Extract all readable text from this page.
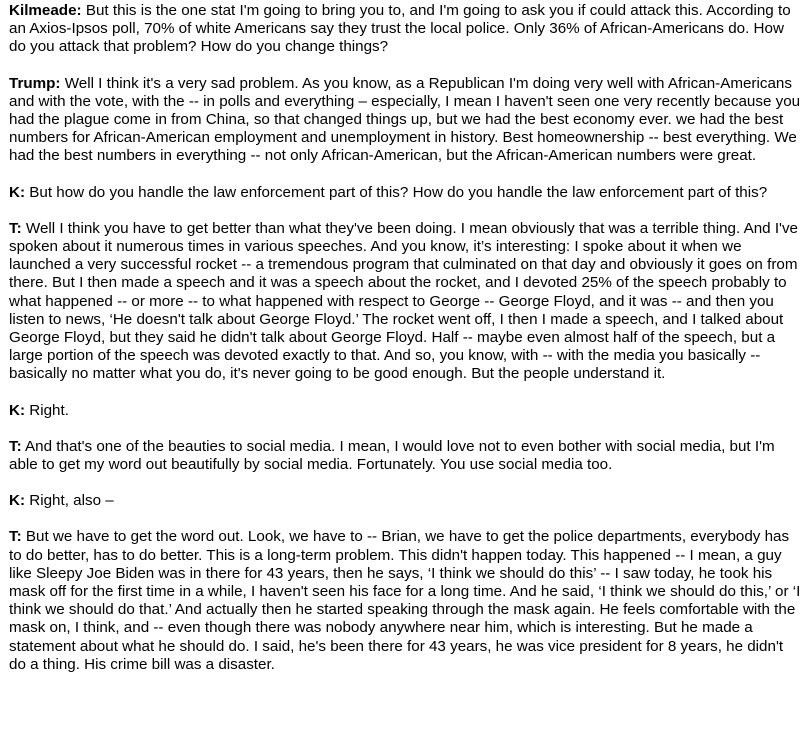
Kilmeade: But this is the one stat I'm going to bring you to, and I'm going to ask you if could attack this. According to an Axios-Ipsos poll, 70% of white Americans say they trust the local police. Only 36% of African-Americans do. How do you attack that problem? How do you change things?

Trump: Well I think it's a very sad problem. As you know, as a Republican I'm doing very well with African-Americans and with the vote, with the -- in polls and everything – especially, I mean I haven't seen one very recently because you had the plague come in from China, so that changed things up, but we had the best economy ever. we had the best numbers for African-American employment and unemployment in history. Best homeownership -- best everything. We had the best numbers in everything -- not only African-American, but the African-American numbers were great.

K: But how do you handle the law enforcement part of this? How do you handle the law enforcement part of this?

T: Well I think you have to get better than what they've been doing. I mean obviously that was a terrible thing. And I've spoken about it numerous times in various speeches. And you know, it’s interesting: I spoke about it when we launched a very successful rocket -- a tremendous program that culminated on that day and obviously it goes on from there. But I then made a speech and it was a speech about the rocket, and I devoted 25% of the speech probably to what happened -- or more -- to what happened with respect to George -- George Floyd, and it was -- and then you listen to news, ‘He doesn't talk about George Floyd.’ The rocket went off, I then I made a speech, and I talked about George Floyd, but they said he didn't talk about George Floyd. Half -- maybe even almost half of the speech, but a large portion of the speech was devoted exactly to that. And so, you know, with -- with the media you basically -- basically no matter what you do, it's never going to be good enough. But the people understand it.

K: Right.

T: And that's one of the beauties to social media. I mean, I would love not to even bother with social media, but I'm able to get my word out beautifully by social media. Fortunately. You use social media too.

K: Right, also –

T: But we have to get the word out. Look, we have to -- Brian, we have to get the police departments, everybody has to do better, has to do better. This is a long-term problem. This didn't happen today. This happened -- I mean, a guy like Sleepy Joe Biden was in there for 43 years, then he says, ‘I think we should do this’ -- I saw today, he took his mask off for the first time in a while, I haven't seen his face for a long time. And he said, ‘I think we should do this,’ or ‘I think we should do that.’ And actually then he started speaking through the mask again. He feels comfortable with the mask on, I think, and -- even though there was nobody anywhere near him, which is interesting. But he made a statement about what he should do. I said, he's been there for 43 years, he was vice president for 8 years, he didn't do a thing. His crime bill was a disaster.
